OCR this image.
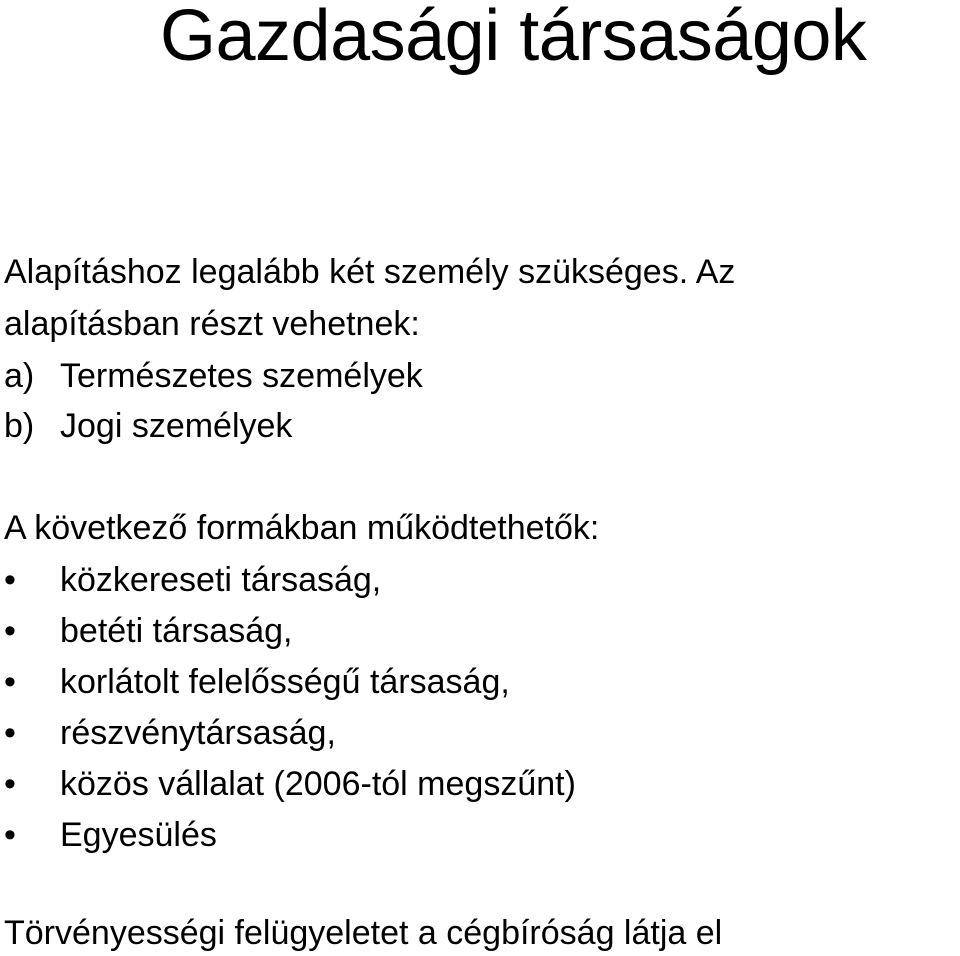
Gazdasági társaságok
Alapításhoz legalább két személy szükséges. Az
alapításban részt vehetnek:
a) Természetes személyek
b) Jogi személyek
A következő formákban működtethetők:
• közkereseti társaság,
• betéti társaság,
• korlátolt felelősségű társaság,
• részvénytársaság,
• közös vállalat (2006-tól megszűnt)
• Egyesülés
Törvényességi felügyeletet a cégbíróság látja el
